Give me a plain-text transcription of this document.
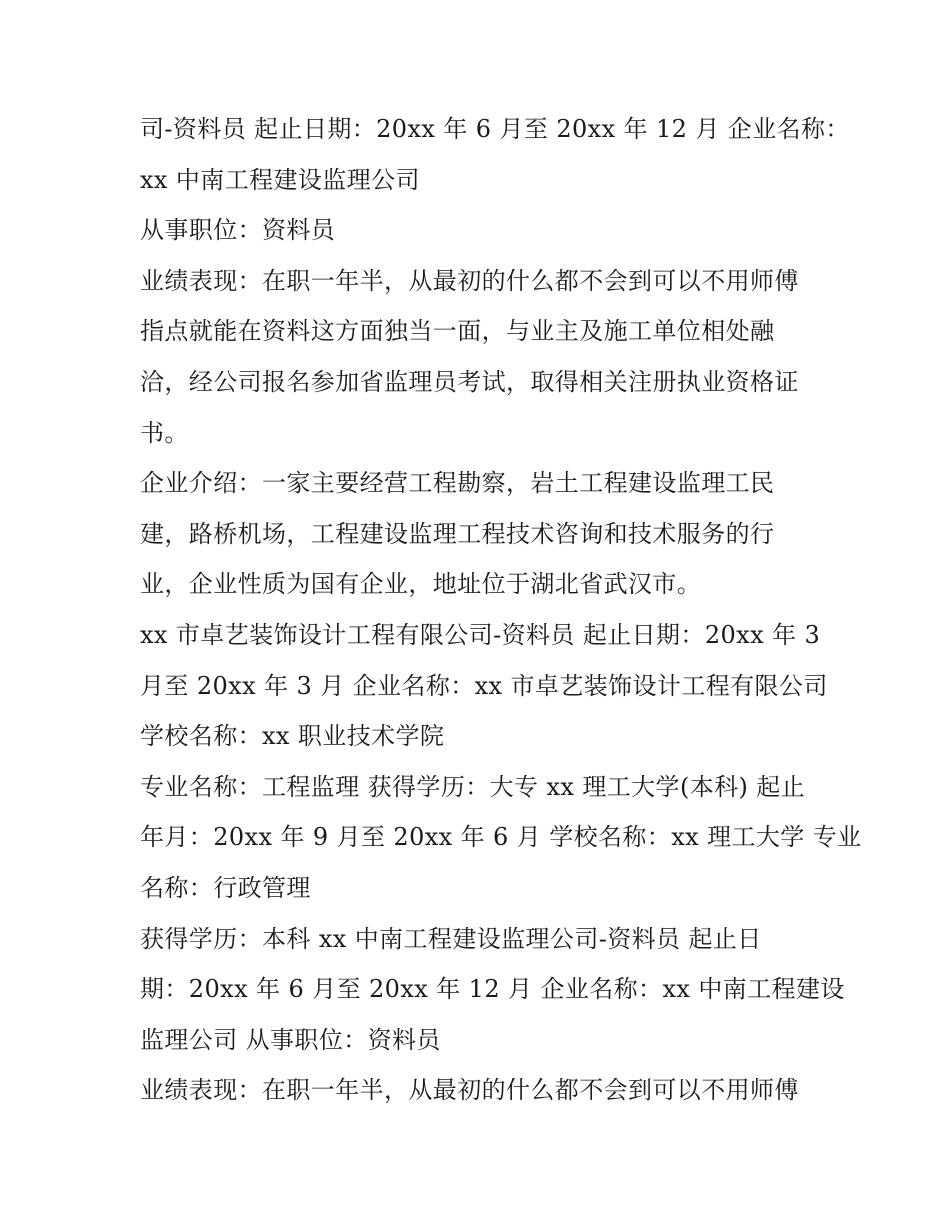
司-资料员 起止日期：20xx 年 6 月至 20xx 年 12 月 企业名称：
xx 中南工程建设监理公司
从事职位：资料员
业绩表现：在职一年半，从最初的什么都不会到可以不用师傅
指点就能在资料这方面独当一面，与业主及施工单位相处融
洽，经公司报名参加省监理员考试，取得相关注册执业资格证
书。
企业介绍：一家主要经营工程勘察，岩土工程建设监理工民
建，路桥机场，工程建设监理工程技术咨询和技术服务的行
业，企业性质为国有企业，地址位于湖北省武汉市。
xx 市卓艺装饰设计工程有限公司-资料员 起止日期：20xx 年 3
月至 20xx 年 3 月 企业名称：xx 市卓艺装饰设计工程有限公司
学校名称：xx 职业技术学院
专业名称：工程监理 获得学历：大专 xx 理工大学(本科) 起止
年月：20xx 年 9 月至 20xx 年 6 月 学校名称：xx 理工大学 专业
名称：行政管理
获得学历：本科 xx 中南工程建设监理公司-资料员 起止日
期：20xx 年 6 月至 20xx 年 12 月 企业名称：xx 中南工程建设
监理公司 从事职位：资料员
业绩表现：在职一年半，从最初的什么都不会到可以不用师傅
